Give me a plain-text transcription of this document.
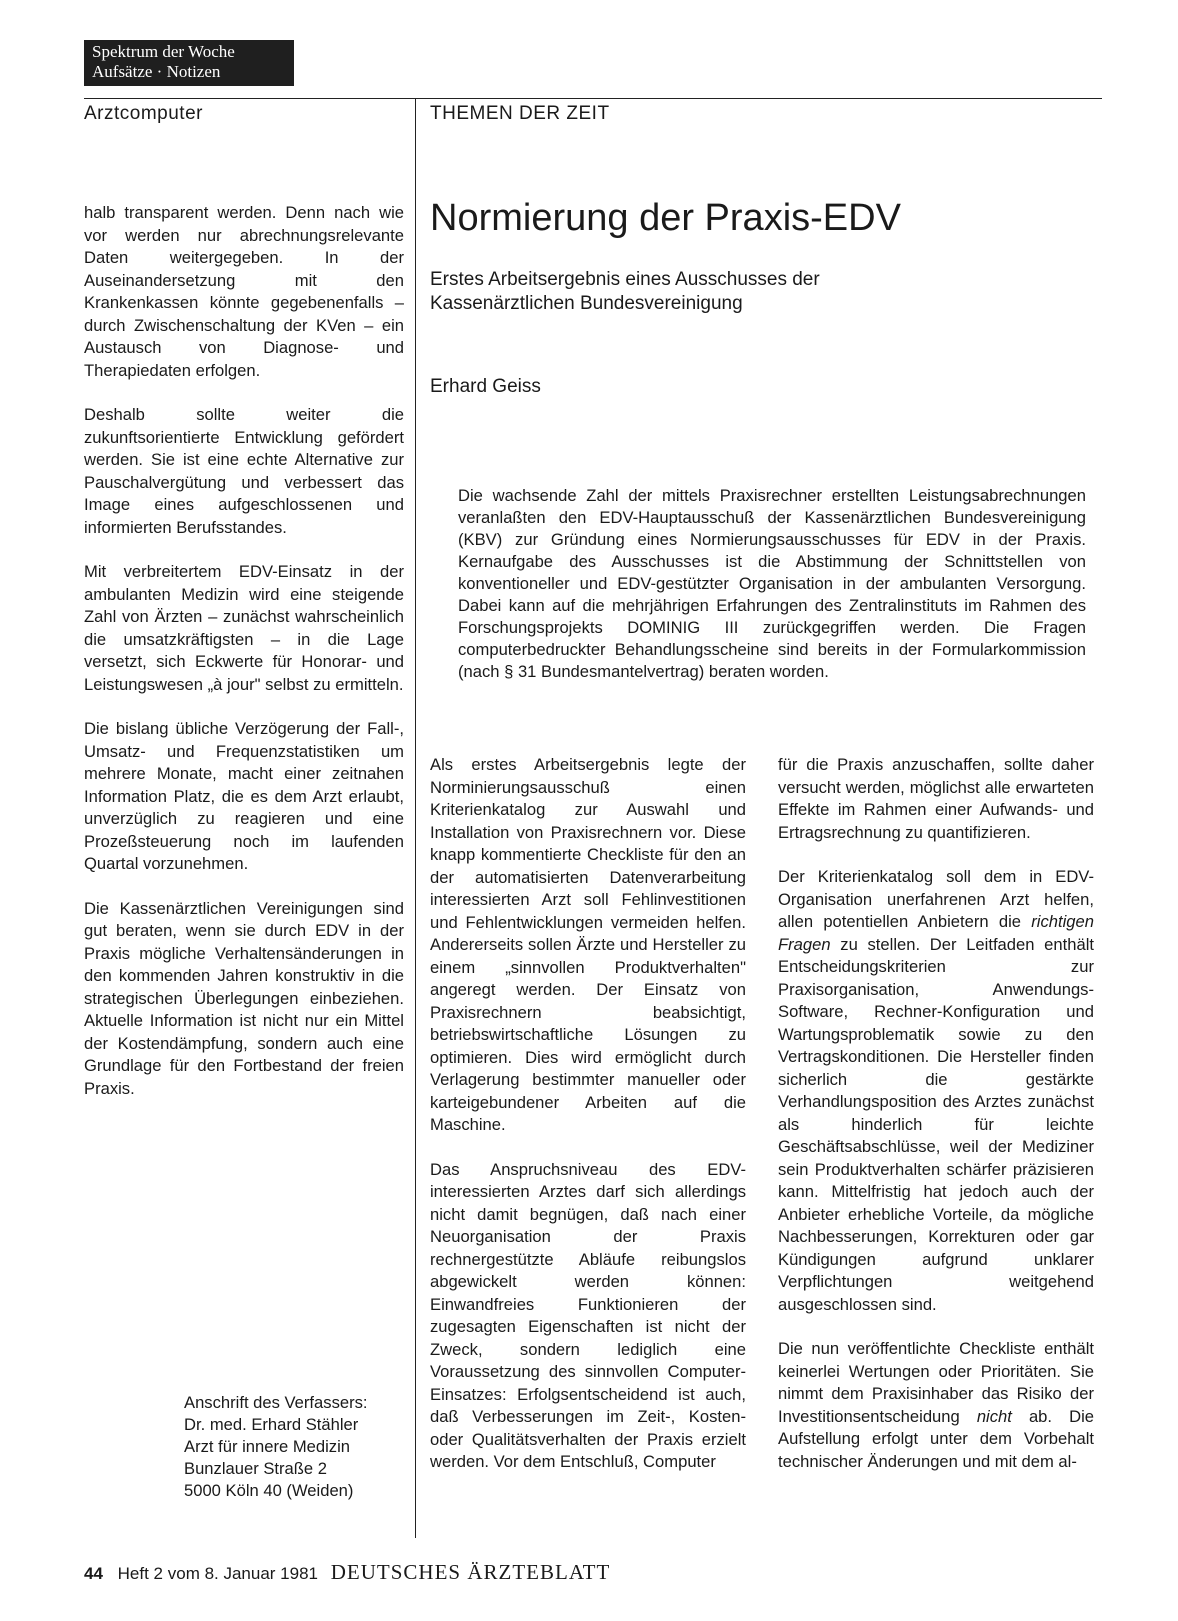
Spektrum der Woche
Aufsätze · Notizen
Arztcomputer	THEMEN DER ZEIT

halb transparent werden. Denn nach wie vor werden nur abrechnungsrelevante Daten weitergegeben. In der Auseinandersetzung mit den Krankenkassen könnte gegebenenfalls – durch Zwischenschaltung der KVen – ein Austausch von Diagnose- und Therapiedaten erfolgen.

Deshalb sollte weiter die zukunftsorientierte Entwicklung gefördert werden. Sie ist eine echte Alternative zur Pauschalvergütung und verbessert das Image eines aufgeschlossenen und informierten Berufsstandes.

Mit verbreitertem EDV-Einsatz in der ambulanten Medizin wird eine steigende Zahl von Ärzten – zunächst wahrscheinlich die umsatzkräftigsten – in die Lage versetzt, sich Eckwerte für Honorar- und Leistungswesen „à jour" selbst zu ermitteln.

Die bislang übliche Verzögerung der Fall-, Umsatz- und Frequenzstatistiken um mehrere Monate, macht einer zeitnahen Information Platz, die es dem Arzt erlaubt, unverzüglich zu reagieren und eine Prozeßsteuerung noch im laufenden Quartal vorzunehmen.

Die Kassenärztlichen Vereinigungen sind gut beraten, wenn sie durch EDV in der Praxis mögliche Verhaltensänderungen in den kommenden Jahren konstruktiv in die strategischen Überlegungen einbeziehen. Aktuelle Information ist nicht nur ein Mittel der Kostendämpfung, sondern auch eine Grundlage für den Fortbestand der freien Praxis.

Normierung der Praxis-EDV
Erstes Arbeitsergebnis eines Ausschusses der Kassenärztlichen Bundesvereinigung
Erhard Geiss
Die wachsende Zahl der mittels Praxisrechner erstellten Leistungsabrechnungen veranlaßten den EDV-Hauptausschuß der Kassenärztlichen Bundesvereinigung (KBV) zur Gründung eines Normierungsausschusses für EDV in der Praxis. Kernaufgabe des Ausschusses ist die Abstimmung der Schnittstellen von konventioneller und EDV-gestützter Organisation in der ambulanten Versorgung. Dabei kann auf die mehrjährigen Erfahrungen des Zentralinstituts im Rahmen des Forschungsprojekts DOMINIG III zurückgegriffen werden. Die Fragen computerbedruckter Behandlungsscheine sind bereits in der Formularkommission (nach § 31 Bundesmantelvertrag) beraten worden.

Als erstes Arbeitsergebnis legte der Norminierungsausschuß einen Kriterienkatalog zur Auswahl und Installation von Praxisrechnern vor. Diese knapp kommentierte Checkliste für den an der automatisierten Datenverarbeitung interessierten Arzt soll Fehlinvestitionen und Fehlentwicklungen vermeiden helfen. Andererseits sollen Ärzte und Hersteller zu einem „sinnvollen Produktverhalten" angeregt werden. Der Einsatz von Praxisrechnern beabsichtigt, betriebswirtschaftliche Lösungen zu optimieren. Dies wird ermöglicht durch Verlagerung bestimmter manueller oder karteigebundener Arbeiten auf die Maschine.

Das Anspruchsniveau des EDV-interessierten Arztes darf sich allerdings nicht damit begnügen, daß nach einer Neuorganisation der Praxis rechnergestützte Abläufe reibungslos abgewickelt werden können: Einwandfreies Funktionieren der zugesagten Eigenschaften ist nicht der Zweck, sondern lediglich eine Voraussetzung des sinnvollen Computer-Einsatzes: Erfolgsentscheidend ist auch, daß Verbesserungen im Zeit-, Kosten- oder Qualitätsverhalten der Praxis erzielt werden. Vor dem Entschluß, Computer

für die Praxis anzuschaffen, sollte daher versucht werden, möglichst alle erwarteten Effekte im Rahmen einer Aufwands- und Ertragsrechnung zu quantifizieren.

Der Kriterienkatalog soll dem in EDV-Organisation unerfahrenen Arzt helfen, allen potentiellen Anbietern die richtigen Fragen zu stellen. Der Leitfaden enthält Entscheidungskriterien zur Praxisorganisation, Anwendungs-Software, Rechner-Konfiguration und Wartungsproblematik sowie zu den Vertragskonditionen. Die Hersteller finden sicherlich die gestärkte Verhandlungsposition des Arztes zunächst als hinderlich für leichte Geschäftsabschlüsse, weil der Mediziner sein Produktverhalten schärfer präzisieren kann. Mittelfristig hat jedoch auch der Anbieter erhebliche Vorteile, da mögliche Nachbesserungen, Korrekturen oder gar Kündigungen aufgrund unklarer Verpflichtungen weitgehend ausgeschlossen sind.

Die nun veröffentlichte Checkliste enthält keinerlei Wertungen oder Prioritäten. Sie nimmt dem Praxisinhaber das Risiko der Investitionsentscheidung nicht ab. Die Aufstellung erfolgt unter dem Vorbehalt technischer Änderungen und mit dem al-

Anschrift des Verfassers:
Dr. med. Erhard Stähler
Arzt für innere Medizin
Bunzlauer Straße 2
5000 Köln 40 (Weiden)
44 Heft 2 vom 8. Januar 1981 DEUTSCHES ÄRZTEBLATT
